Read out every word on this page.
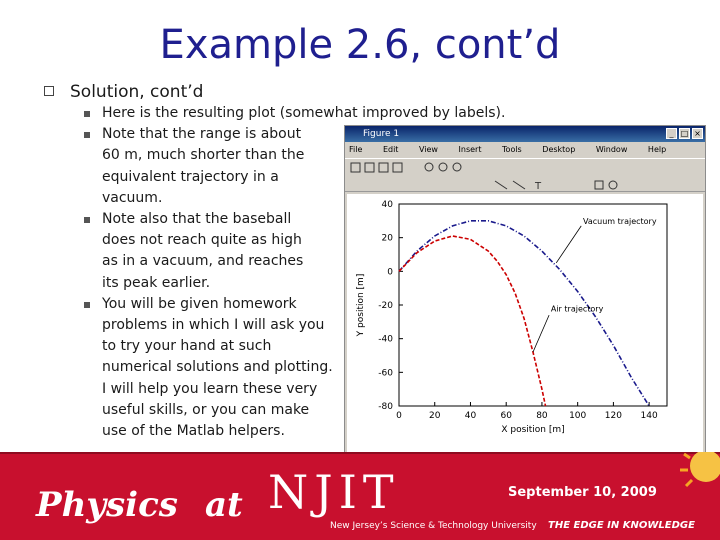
Example 2.6, cont’d
Solution, cont’d
Here is the resulting plot (somewhat improved by labels).
Note that the range is about 60 m, much shorter than the equivalent trajectory in a vacuum.
Note also that the baseball does not reach quite as high as in a vacuum, and reaches its peak earlier.
You will be given homework problems in which I will ask you to try your hand at such numerical solutions and plotting. I will help you learn these very useful skills, or you can make use of the Matlab helpers.
Figure 1	_ □ ×
File	Edit	View	Insert	Tools	Desktop	Window	Help
T
0	20	40	60	80 100 120 140
40
20
0
-20
-40
-60
-80
X position [m]
Y position [m]
Vacuum trajectory
Air trajectory
Physics at NJIT
New Jersey’s Science & Technology University THE EDGE IN KNOWLEDGE
September 10, 2009
